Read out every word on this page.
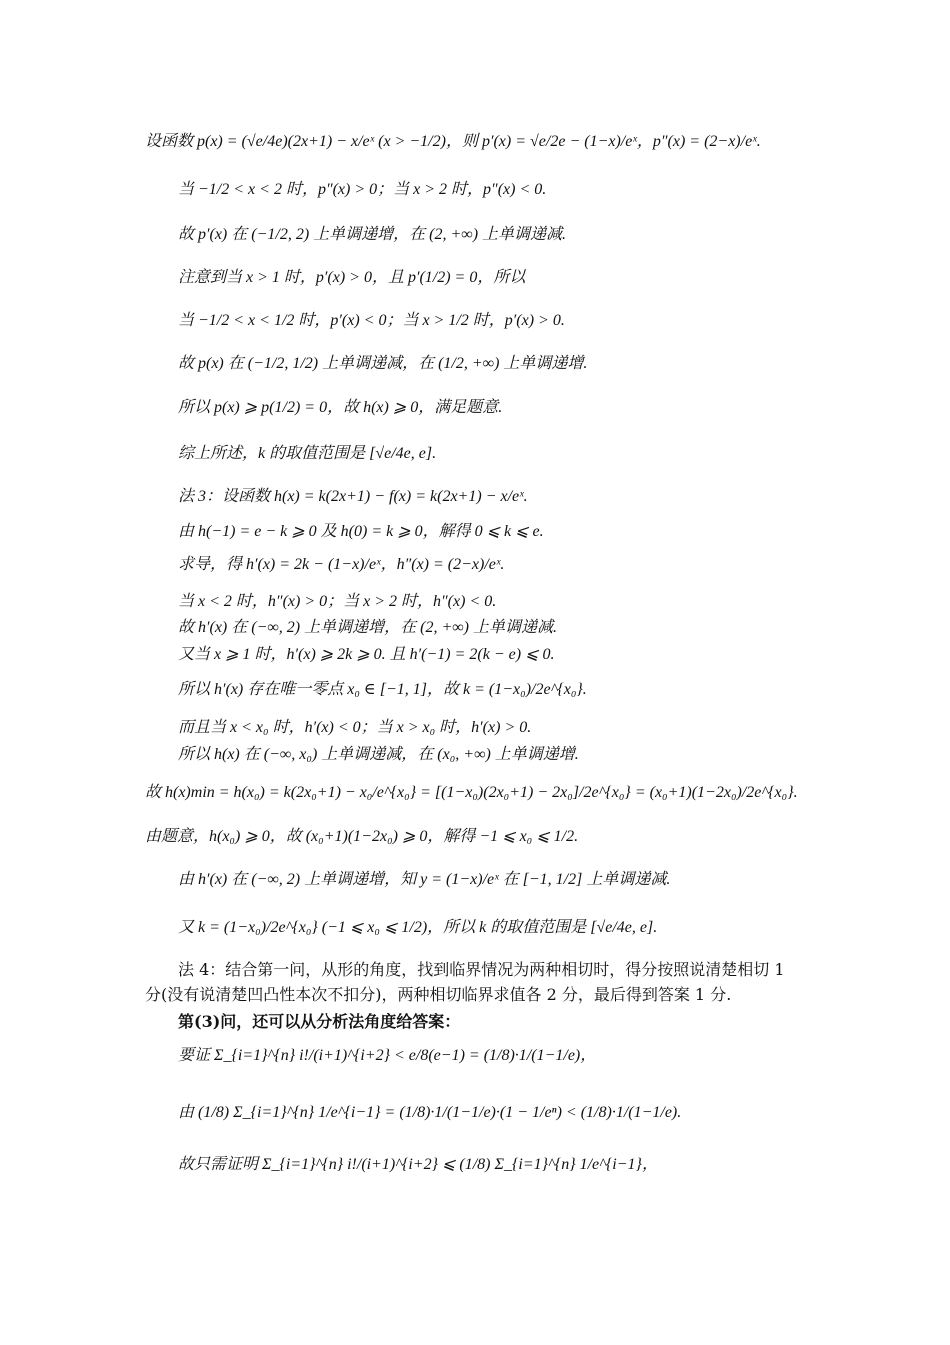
设函数 p(x) = (√e/4e)(2x+1) − x/eˣ (x > −1/2)，则 p′(x) = √e/2e − (1−x)/eˣ，p″(x) = (2−x)/eˣ.
当 −1/2 < x < 2 时，p″(x) > 0；当 x > 2 时，p″(x) < 0.
故 p′(x) 在 (−1/2, 2) 上单调递增，在 (2, +∞) 上单调递减.
注意到当 x > 1 时，p′(x) > 0，且 p′(1/2) = 0，所以
当 −1/2 < x < 1/2 时，p′(x) < 0；当 x > 1/2 时，p′(x) > 0.
故 p(x) 在 (−1/2, 1/2) 上单调递减，在 (1/2, +∞) 上单调递增.
所以 p(x) ⩾ p(1/2) = 0，故 h(x) ⩾ 0，满足题意.
综上所述，k 的取值范围是 [√e/4e, e].
法 3：设函数 h(x) = k(2x+1) − f(x) = k(2x+1) − x/eˣ.
由 h(−1) = e − k ⩾ 0 及 h(0) = k ⩾ 0，解得 0 ⩽ k ⩽ e.
求导，得 h′(x) = 2k − (1−x)/eˣ，h″(x) = (2−x)/eˣ.
当 x < 2 时，h″(x) > 0；当 x > 2 时，h″(x) < 0.
故 h′(x) 在 (−∞, 2) 上单调递增，在 (2, +∞) 上单调递减.
又当 x ⩾ 1 时，h′(x) ⩾ 2k ⩾ 0. 且 h′(−1) = 2(k − e) ⩽ 0.
所以 h′(x) 存在唯一零点 x₀ ∈ [−1, 1]，故 k = (1−x₀)/2e^{x₀}.
而且当 x < x₀ 时，h′(x) < 0；当 x > x₀ 时，h′(x) > 0.
所以 h(x) 在 (−∞, x₀) 上单调递减，在 (x₀, +∞) 上单调递增.
故 h(x)min = h(x₀) = k(2x₀+1) − x₀/e^{x₀} = [(1−x₀)(2x₀+1) − 2x₀]/2e^{x₀} = (x₀+1)(1−2x₀)/2e^{x₀}.
由题意，h(x₀) ⩾ 0，故 (x₀+1)(1−2x₀) ⩾ 0，解得 −1 ⩽ x₀ ⩽ 1/2.
由 h′(x) 在 (−∞, 2) 上单调递增，知 y = (1−x)/eˣ 在 [−1, 1/2] 上单调递减.
又 k = (1−x₀)/2e^{x₀} (−1 ⩽ x₀ ⩽ 1/2)，所以 k 的取值范围是 [√e/4e, e].
法 4：结合第一问，从形的角度，找到临界情况为两种相切时，得分按照说清楚相切 1
分(没有说清楚凹凸性本次不扣分)，两种相切临界求值各 2 分，最后得到答案 1 分.
第(3)问，还可以从分析法角度给答案：
要证 Σ_{i=1}^{n} i!/(i+1)^{i+2} < e/8(e−1) = (1/8)·1/(1−1/e)，
由 (1/8) Σ_{i=1}^{n} 1/e^{i−1} = (1/8)·1/(1−1/e)·(1 − 1/eⁿ) < (1/8)·1/(1−1/e).
故只需证明 Σ_{i=1}^{n} i!/(i+1)^{i+2} ⩽ (1/8) Σ_{i=1}^{n} 1/e^{i−1}，
